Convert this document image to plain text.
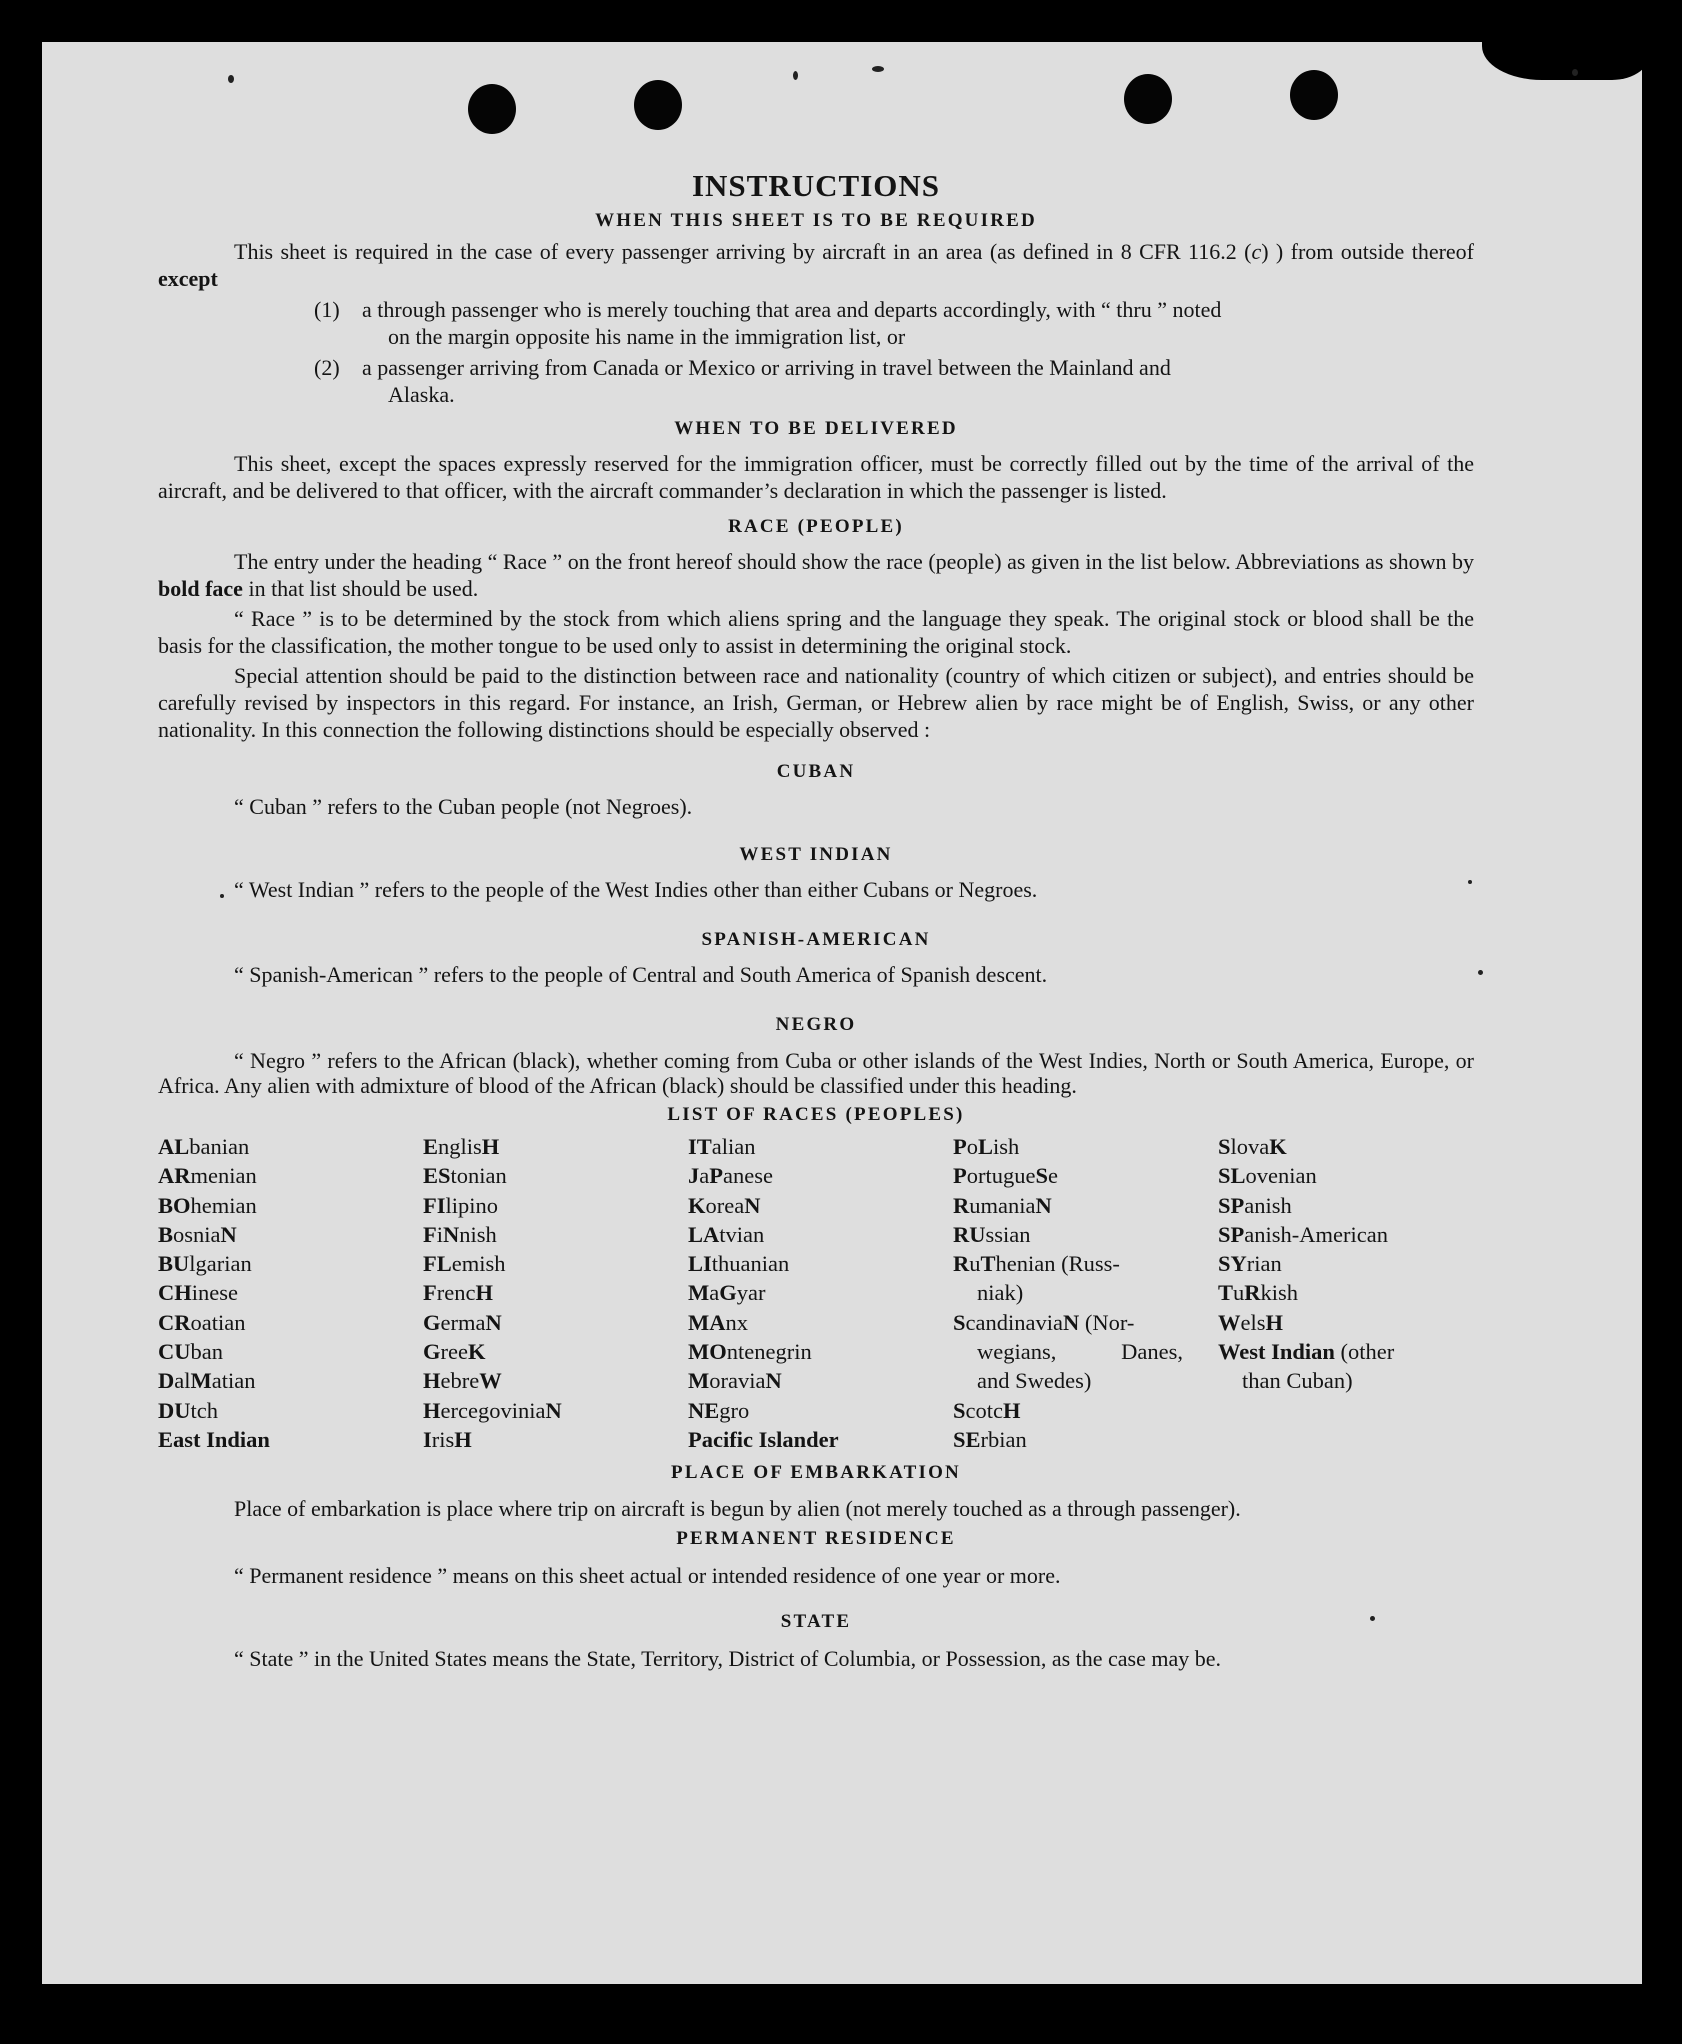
INSTRUCTIONS
WHEN THIS SHEET IS TO BE REQUIRED

This sheet is required in the case of every passenger arriving by aircraft in an area (as defined in 8 CFR 116.2 (c) ) from outside thereof except

(1)	a through passenger who is merely touching that area and departs accordingly, with “ thru ” noted
on the margin opposite his name in the immigration list, or
(2)	a passenger arriving from Canada or Mexico or arriving in travel between the Mainland and
Alaska.
WHEN TO BE DELIVERED

This sheet, except the spaces expressly reserved for the immigration officer, must be correctly filled out by the time of the arrival of the aircraft, and be delivered to that officer, with the aircraft commander’s declaration in which the passenger is listed.

RACE (PEOPLE)

The entry under the heading “ Race ” on the front hereof should show the race (people) as given in the list below. Abbreviations as shown by bold face in that list should be used.

“ Race ” is to be determined by the stock from which aliens spring and the language they speak. The original stock or blood shall be the basis for the classification, the mother tongue to be used only to assist in determining the original stock.

Special attention should be paid to the distinction between race and nationality (country of which citizen or subject), and entries should be carefully revised by inspectors in this regard. For instance, an Irish, German, or Hebrew alien by race might be of English, Swiss, or any other nationality. In this connection the following distinctions should be especially observed :

CUBAN

“ Cuban ” refers to the Cuban people (not Negroes).

WEST INDIAN

“ West Indian ” refers to the people of the West Indies other than either Cubans or Negroes.

SPANISH-AMERICAN

“ Spanish-American ” refers to the people of Central and South America of Spanish descent.

NEGRO

“ Negro ” refers to the African (black), whether coming from Cuba or other islands of the West Indies, North or South America, Europe, or Africa. Any alien with admixture of blood of the African (black) should be classified under this heading.

LIST OF RACES (PEOPLES)
ALbanian
ARmenian
BOhemian
BosniaN
BUlgarian
CHinese
CRoatian
CUban
DalMatian
DUtch
East Indian
EnglisH
EStonian
FIlipino
FiNnish
FLemish
FrencH
GermaN
GreeK
HebreW
HercegoviniaN
IrisH
ITalian
JaPanese
KoreaN
LAtvian
LIthuanian
MaGyar
MAnx
MOntenegrin
MoraviaN
NEgro
Pacific Islander
PoLish
PortugueSe
RumaniaN
RUssian
RuThenian (Russ-
niak)
ScandinaviaN (Nor-
wegians,	Danes,
and Swedes)
ScotcH
SErbian
SlovaK
SLovenian
SPanish
SPanish-American
SYrian
TuRkish
WelsH
West Indian (other
than Cuban)
PLACE OF EMBARKATION

Place of embarkation is place where trip on aircraft is begun by alien (not merely touched as a through passenger).

PERMANENT RESIDENCE

“ Permanent residence ” means on this sheet actual or intended residence of one year or more.

STATE

“ State ” in the United States means the State, Territory, District of Columbia, or Possession, as the case may be.
